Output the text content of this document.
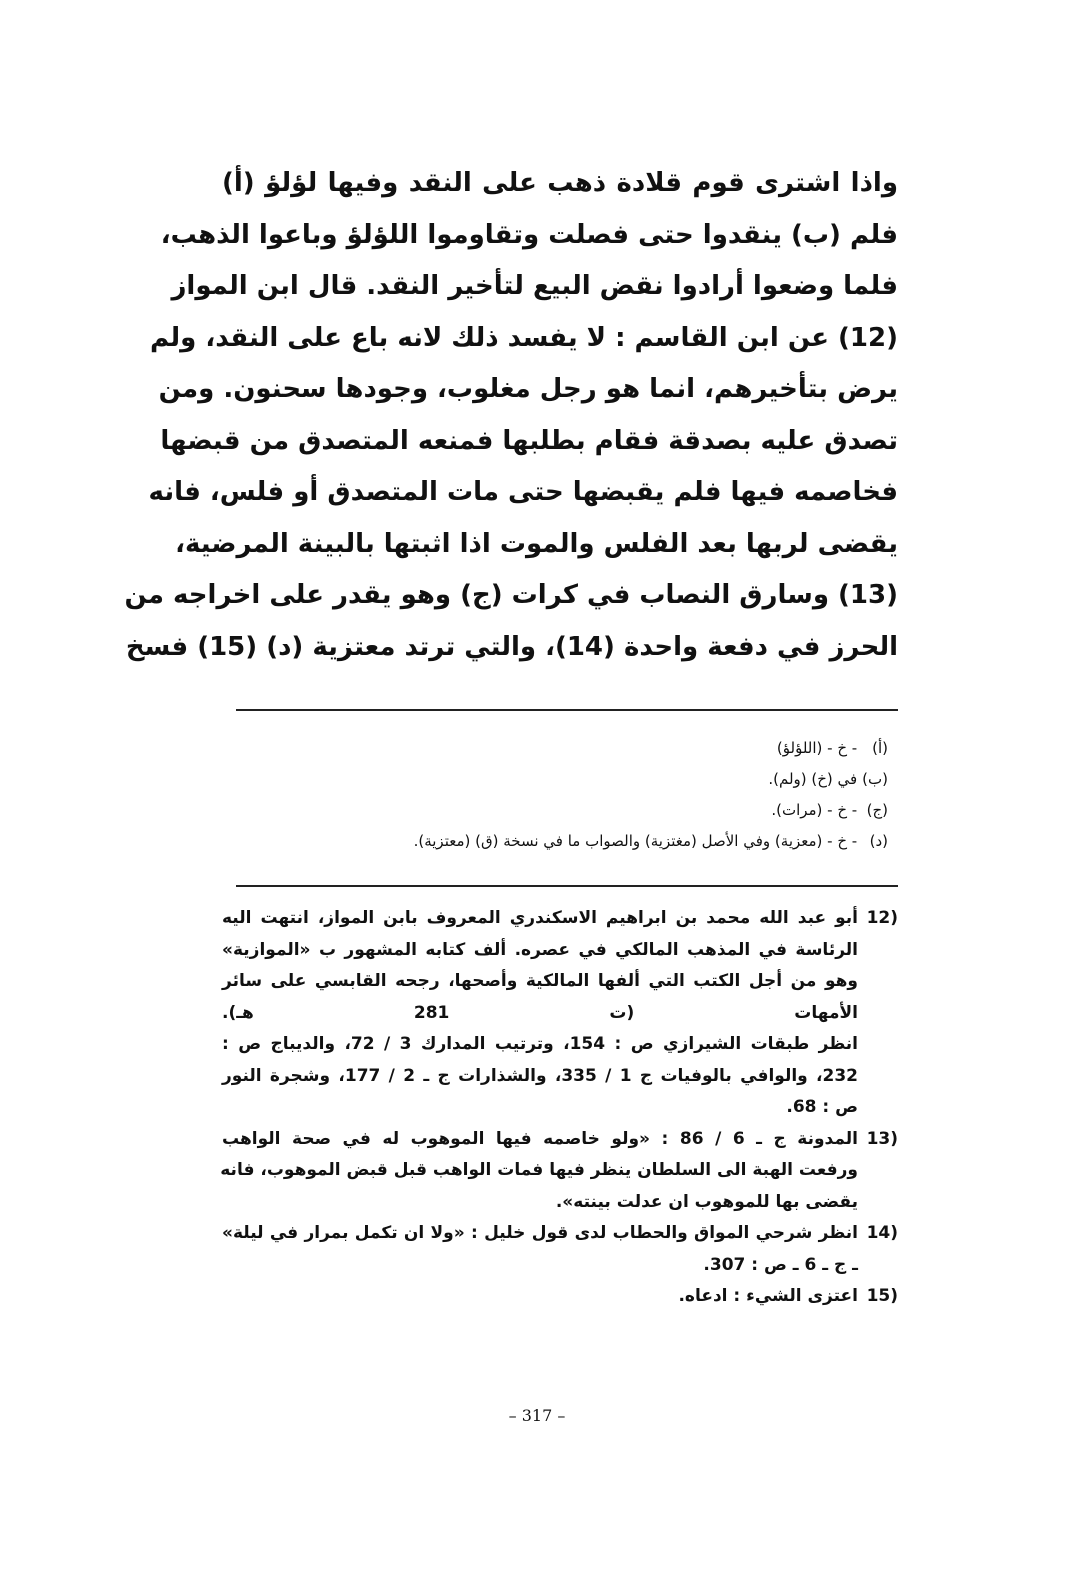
واذا اشترى قوم قلادة ذهب على النقد وفيها لؤلؤ (أ)
فلم (ب) ينقدوا حتى فصلت وتقاوموا اللؤلؤ وباعوا الذهب،
فلما وضعوا أرادوا نقض البيع لتأخير النقد. قال ابن المواز
(12) عن ابن القاسم : لا يفسد ذلك لانه باع على النقد، ولم
يرض بتأخيرهم، انما هو رجل مغلوب، وجودها سحنون. ومن
تصدق عليه بصدقة فقام بطلبها فمنعه المتصدق من قبضها
فخاصمه فيها فلم يقبضها حتى مات المتصدق أو فلس، فانه
يقضى لربها بعد الفلس والموت اذا اثبتها بالبينة المرضية،
(13) وسارق النصاب في كرات (ج) وهو يقدر على اخراجه من
الحرز في دفعة واحدة (14)، والتي ترتد معتزية (د) (15) فسخ
(أ) - خ - (اللؤلؤ)
(ب) في (خ) (ولم).
(ج) - خ - (مرات).
(د) - خ - (معزية) وفي الأصل (مغتزية) والصواب ما في نسخة (ق) (معتزية).
12)
أبو عبد الله محمد بن ابراهيم الاسكندري المعروف بابن المواز، انتهت اليه
الرئاسة في المذهب المالكي في عصره. ألف كتابه المشهور ب «الموازية»
وهو من أجل الكتب التي ألفها المالكية وأصحها، رجحه القابسي على سائر
الأمهات (ت 281 هـ).
انظر طبقات الشيرازي ص : 154، وترتيب المدارك 3 / 72، والديباج ص :
232، والوافي بالوفيات ج 1 / 335، والشذارات ج ـ 2 / 177، وشجرة النور
ص : 68.
13)
المدونة ج ـ 6 / 86 : «ولو خاصمه فيها الموهوب له في صحة الواهب
ورفعت الهبة الى السلطان ينظر فيها فمات الواهب قبل قبض الموهوب، فانه
يقضى بها للموهوب ان عدلت بينته».
14)
انظر شرحي المواق والحطاب لدى قول خليل : «ولا ان تكمل بمرار في ليلة»
ـ ج ـ 6 ـ ص : 307.
15)
اعتزى الشيء : ادعاه.
– 317 –
